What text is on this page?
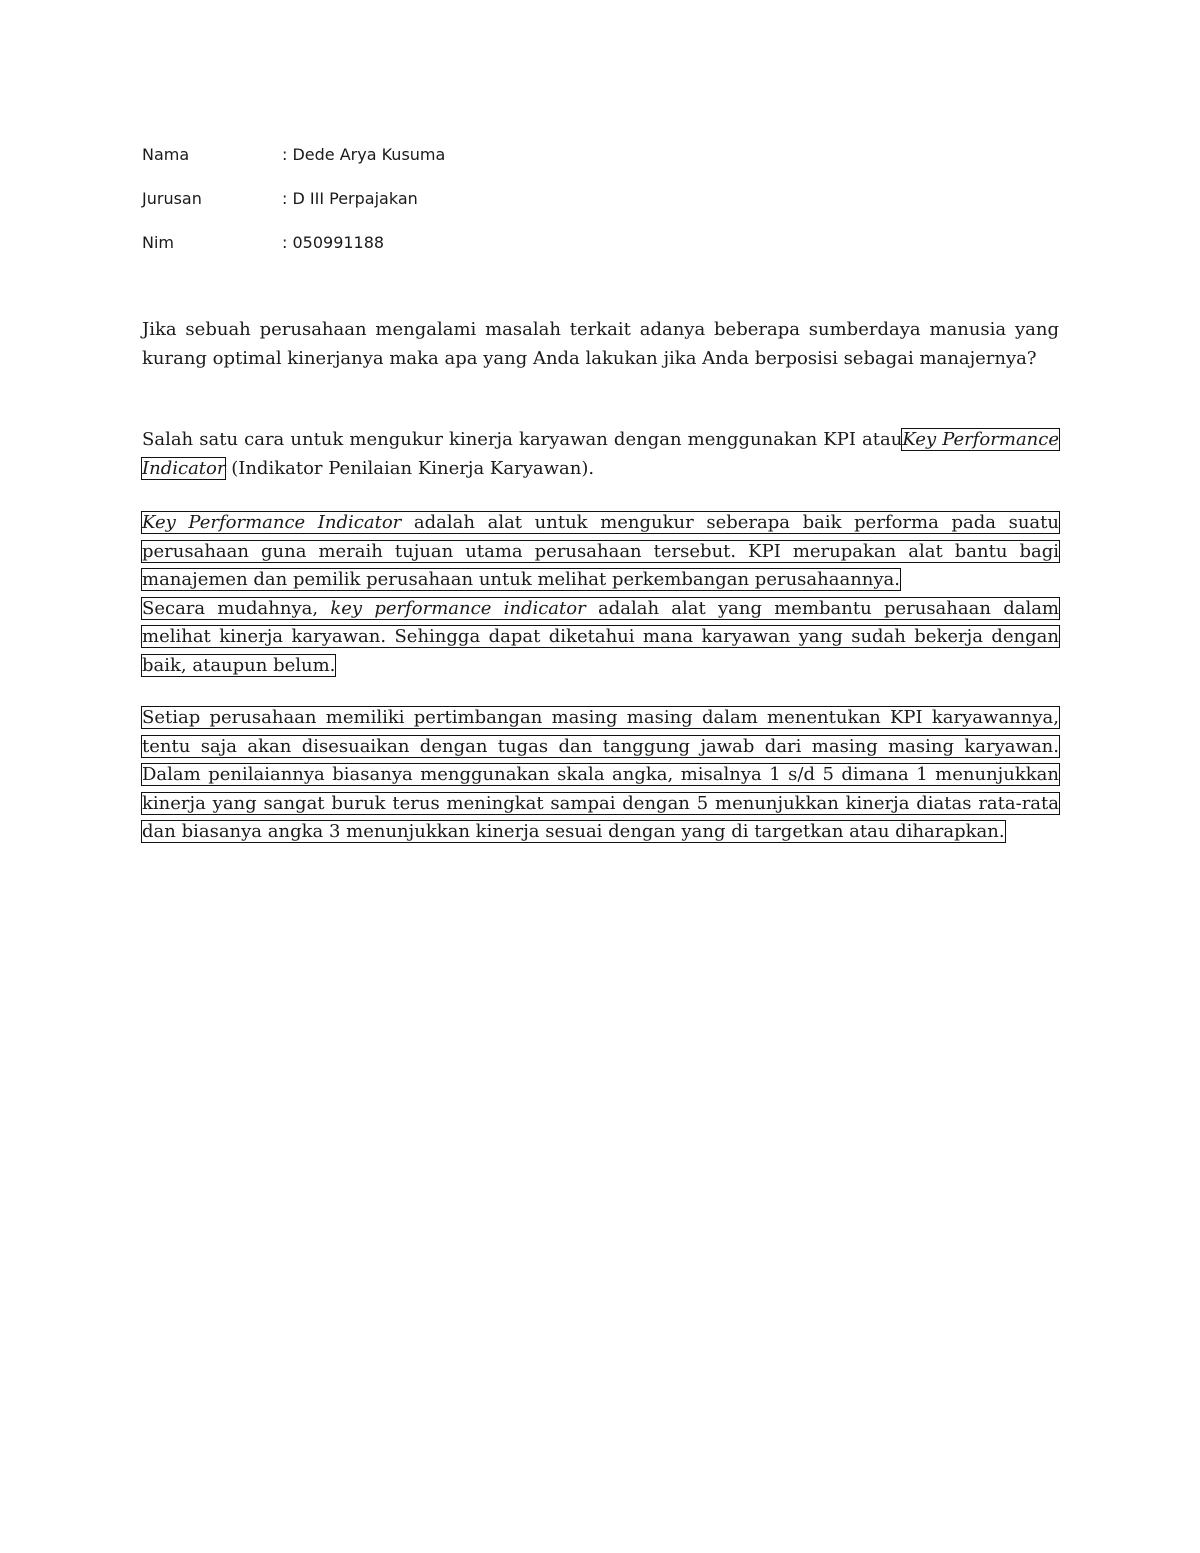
Nama	: Dede Arya Kusuma
Jurusan	: D III Perpajakan
Nim	: 050991188

Jika sebuah perusahaan mengalami masalah terkait adanya beberapa sumberdaya manusia yang kurang optimal kinerjanya maka apa yang Anda lakukan jika Anda berposisi sebagai manajernya?

Salah satu cara untuk mengukur kinerja karyawan dengan menggunakan KPI atauKey Performance Indicator (Indikator Penilaian Kinerja Karyawan).

Key Performance Indicator adalah alat untuk mengukur seberapa baik performa pada suatu perusahaan guna meraih tujuan utama perusahaan tersebut. KPI merupakan alat bantu bagi manajemen dan pemilik perusahaan untuk melihat perkembangan perusahaannya.
Secara mudahnya, key performance indicator adalah alat yang membantu perusahaan dalam melihat kinerja karyawan. Sehingga dapat diketahui mana karyawan yang sudah bekerja dengan baik, ataupun belum.

Setiap perusahaan memiliki pertimbangan masing masing dalam menentukan KPI karyawannya, tentu saja akan disesuaikan dengan tugas dan tanggung jawab dari masing masing karyawan. Dalam penilaiannya biasanya menggunakan skala angka, misalnya 1 s/d 5 dimana 1 menunjukkan kinerja yang sangat buruk terus meningkat sampai dengan 5 menunjukkan kinerja diatas rata-rata dan biasanya angka 3 menunjukkan kinerja sesuai dengan yang di targetkan atau diharapkan.
